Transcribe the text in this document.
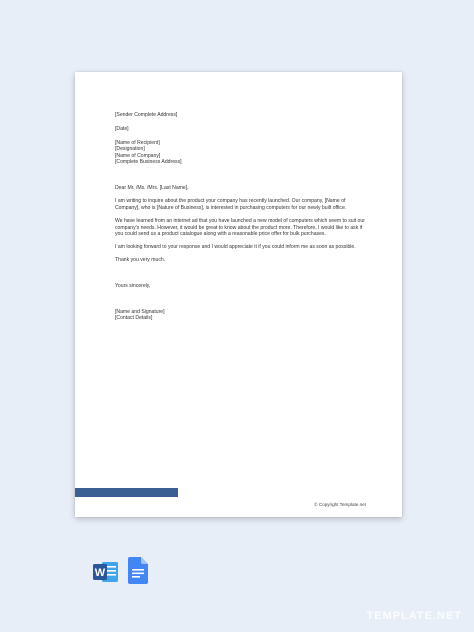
[Sender Complete Address]
[Date]
[Name of Recipient]
[Designation]
[Name of Company]
[Complete Business Address]
Dear Mr. /Ms. /Mrs. [Last Name],
I am writing to inquire about the product your company has recently launched. Our company, [Name of Company], who is [Nature of Business], is interested in purchasing computers for our newly built office.
We have learned from an internet ad that you have launched a new model of computers which seem to suit our company's needs. However, it would be great to know about the product more. Therefore, I would like to ask if you could send us a product catalogue along with a reasonable price offer for bulk purchases.
I am looking forward to your response and I would appreciate it if you could inform me as soon as possible.
Thank you very much.
Yours sincerely,
[Name and Signature]
[Contact Details]
© Copyright Template.net
W
TEMPLATE.NET
